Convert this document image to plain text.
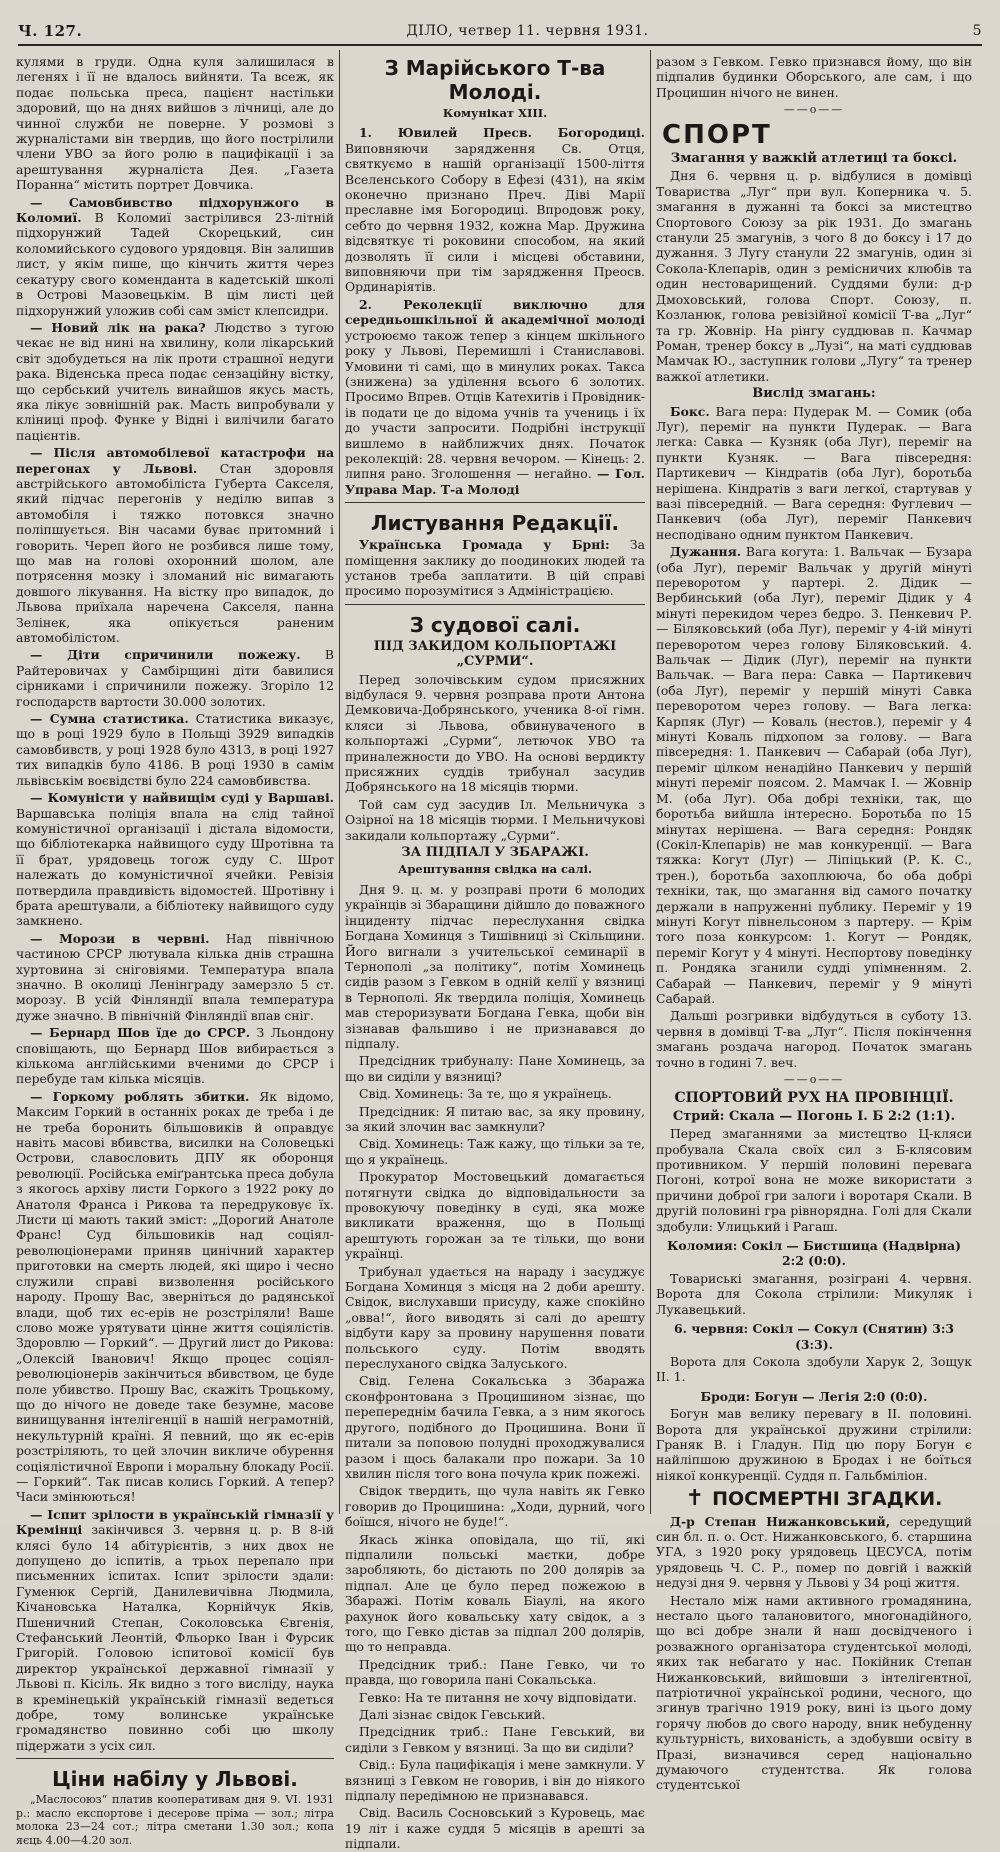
Ч. 127.	ДІЛО, четвер 11. червня 1931.	5

кулями в груди. Одна куля залишилася в легенях і її не вдалось вийняти. Та всеж, як подає польська преса, пацієнт настільки здоровий, що на днях вийшов з лічниці, але до чинної служби не поверне. У розмові з журналістами він твердив, що його пострілили члени УВО за його ролю в пацифікації і за арештування журналіста Дея. „Газета Поранна“ містить портрет Довчика.

— Самовбивство підхорунжого в Коломиї. В Коломиї застрілився 23-літній підхорунжий Тадей Скорецький, син коломийського судового урядовця. Він залишив лист, у якім пише, що кінчить життя через секатуру свого коменданта в кадетській школі в Острові Мазовецькім. В цім листі цей підхорунжий уложив собі сам зміст клепсидри.

— Новий лік на рака? Людство з тугою чекає не від нині на хвилину, коли лікарський світ здобудеться на лік проти страшної недуги рака. Віденська преса подає сензаційну вістку, що сербський учитель винайшов якусь масть, яка лікує зовнішній рак. Масть випробували у кліниці проф. Функе у Відні і вилічили багато пацієнтів.

— Після автомобілевої катастрофи на перегонах у Львові. Стан здоровля австрійського автомобіліста Губерта Сакселя, який підчас перегонів у неділю випав з автомобіля і тяжко потовкся значно поліпшується. Він часами буває притомний і говорить. Череп його не розбився лише тому, що мав на голові охоронний шолом, але потрясення мозку і зломаний ніс вимагають довшого лікування. На вістку про випадок, до Львова приїхала наречена Сакселя, панна Зелінек, яка опікується раненим автомобілістом.

— Діти спричинили пожежу. В Райтеровичах у Самбірщині діти бавилися сірниками і спричинили пожежу. Згоріло 12 господарств вартости 30.000 золотих.

— Сумна статистика. Статистика виказує, що в році 1929 було в Польщі 3929 випадків самовбивств, у році 1928 було 4313, в році 1927 тих випадків було 4186. В році 1930 в самім львівськім воєвідстві було 224 самовбивства.

— Комуністи у найвищім суді у Варшаві. Варшавська поліція впала на слід тайної комуністичної організації і дістала відомости, що бібліотекарка найвищого суду Шротівна та її брат, урядовець тогож суду С. Шрот належать до комуністичної ячейки. Ревізія потвердила правдивість відомостей. Шротівну і брата арештували, а бібліотеку найвищого суду замкнено.

— Морози в червні. Над північною частиною СРСР лютувала кілька днів страшна хуртовина зі сніговіями. Температура впала значно. В околиці Ленінграду замерзло 5 ст. морозу. В усій Фінляндії впала температура дуже значно. В північній Фінляндії впав сніг.

— Бернард Шов їде до СРСР. З Льондону сповіщають, що Бернард Шов вибирається з кількома англійськими вченими до СРСР і перебуде там кілька місяців.

— Горкому роблять збитки. Як відомо, Максим Горкий в останніх роках де треба і де не треба боронить більшовиків й оправдує навіть масові вбивства, висилки на Соловецькі Острови, славословить ДПУ як оборонця революції. Російська еміґрантська преса добула з якогось архіву листи Горкого з 1922 року до Анатоля Франса і Рикова та передруковує їх. Листи ці мають такий зміст: „Дорогий Анатоле Франс! Суд більшовиків над соціял-революціонерами приняв цинічний характер приготовки на смерть людей, які щиро і чесно служили справі визволення російського народу. Прошу Вас, зверніться до радянської влади, щоб тих ес-ерів не розстріляли! Ваше слово може урятувати цінне життя соціялістів. Здоровлю — Горкий“. — Другий лист до Рикова: „Олексій Іванович! Якщо процес соціял-революціонерів закінчиться вбивством, це буде поле убивство. Прошу Вас, скажіть Троцькому, що до нічого не доведе таке безумне, масове винищування інтелігенції в нашій неграмотній, некультурній країні. Я певний, що як ес-ерів розстріляють, то цей злочин викличе обурення соціялістичної Европи і моральну блокаду Росії. — Горкий“. Так писав колись Горкий. А тепер? Часи змінюються!

— Іспит зрілости в українській гімназії у Кремінці закінчився 3. червня ц. р. В 8-ій клясі було 14 абітурієнтів, з них двох не допущено до іспитів, а трьох перепало при письменних іспитах. Іспит зрілости здали: Гуменюк Сергій, Данилевичівна Людмила, Кічановська Наталка, Корнійчук Яків, Пшеничний Степан, Соколовська Євгенія, Стефанський Леонтій, Фльорко Іван і Фурсик Григорій. Головою іспитової комісії був директор української державної гімназії у Львові п. Кісіль. Як видно з того висліду, наука в кремінецькій українській гімназії ведеться добре, тому волинське українське громадянство повинно собі цю школу підержати з усіх сил.

Ціни набілу у Львові.

„Маслосоюз“ платив кооперативам дня 9. VI. 1931 р.: масло експортове і десерове пріма — зол.; літра молока 23—24 сот.; літра сметани 1.30 зол.; копа яєць 4.00—4.20 зол.

З Марійського Т-ва Молоді.
Комунікат XIII.

1. Ювилей Пресв. Богородиці. Виповняючи зарядження Св. Отця, святкуємо в нашій організації 1500-ліття Вселенського Собору в Ефезі (431), на якім оконечно признано Преч. Діві Марії преславне імя Богородиці. Впродовж року, себто до червня 1932, кожна Мар. Дружина відсвяткує ті роковини способом, на який дозволять її сили і місцеві обставини, виповняючи при тім зарядження Преосв. Ординаріятів.

2. Реколекції виключно для середньошкільної й академічної молоді устроюємо також тепер з кінцем шкільного року у Львові, Перемишлі і Станиславові. Умовини ті самі, що в минулих роках. Такса (знижена) за уділення всього 6 золотих. Просимо Впрев. Отців Катехитів і Провідник-ів подати це до відома учнів та учениць і їх до участи запросити. Подрібні інструкції вишлемо в найближчих днях. Початок реколекцій: 28. червня вечором. — Кінець: 2. липня рано. Зголошення — негайно. — Гол. Управа Мар. Т-а Молоді

Листування Редакції.

Українська Громада у Брні: За поміщення заклику до поодиноких людей та установ треба заплатити. В цій справі просимо порозумітися з Адміністрацією.

З судової салі.
ПІД ЗАКИДОМ КОЛЬПОРТАЖІ „СУРМИ“.

Перед золочівським судом присяжних відбулася 9. червня розправа проти Антона Демковича-Добрянського, ученика 8-ої гімн. кляси зі Львова, обвинуваченого в кольпортажі „Сурми“, летючок УВО та приналежности до УВО. На основі вердикту присяжних суддів трибунал засудив Добрянського на 18 місяців тюрми.

Той сам суд засудив Іл. Мельничука з Озірної на 18 місяців тюрми. І Мельничукові закидали кольпортажу „Сурми“.

ЗА ПІДПАЛ У ЗБАРАЖІ.
Арештування свідка на салі.

Дня 9. ц. м. у розправі проти 6 молодих українців зі Збаращини дійшло до поважного інциденту підчас переслухання свідка Богдана Хоминця з Тишівниці зі Скільщини. Його вигнали з учительської семинарії в Тернополі „за політику“, потім Хоминець сидів разом з Гевком в одній келії у вязниці в Тернополі. Як твердила поліція, Хоминець мав стероризувати Богдана Гевка, щоби він зізнавав фальшиво і не признавався до підпалу.

Предсідник трибуналу: Пане Хоминець, за що ви сиділи у вязниці?

Свід. Хоминець: За те, що я українець.

Предсідник: Я питаю вас, за яку провину, за який злочин вас замкнули?

Свід. Хоминець: Таж кажу, що тільки за те, що я українець.

Прокуратор Мостовецький домагається потягнути свідка до відповідальности за провокуючу поведінку в суді, яка може викликати враження, що в Польщі арештують горожан за те тільки, що вони українці.

Трибунал удається на нараду і засуджує Богдана Хоминця з місця на 2 доби арешту. Свідок, вислухавши присуду, каже спокійно „овва!“, його виводять зі салі до арешту відбути кару за провину нарушення повати польського суду. Потім вводять переслуханого свідка Залуського.

Свід. Гелена Сокальська з Збаража сконфронтована з Процишином зізнає, що перепереднім бачила Гевка, а з ним якогось другого, подібного до Процишина. Вони її питали за поповою полудні проходжувалися разом і щось балакали про пожари. За 10 хвилин після того вона почула крик пожежі.

Свідок твердить, що чула навіть як Гевко говорив до Процишина: „Ходи, дурний, чого боїшся, нічого не буде!“.

Якась жінка оповідала, що тії, які підпалили польські маєтки, добре заробляють, бо дістають по 200 долярів за підпал. Але це було перед пожежою в Збаражі. Потім коваль Біаулі, на якого рахунок його ковальську хату свідок, а з того, що Гевко дістав за підпал 200 долярів, що то неправда.

Предсідник триб.: Пане Гевко, чи то правда, що говорила пані Сокальська.

Гевко: На те питання не хочу відповідати.

Далі зізнає свідок Гевський.

Предсідник триб.: Пане Гевський, ви сиділи з Гевком у вязниці. За що ви сиділи?

Свід.: Була пацифікація і мене замкнули. У вязниці з Гевком не говорив, і він до ніякого підпалу передімною не признавався.

Свід. Василь Сосновський з Куровець, має 19 літ і каже суддя 5 місяців в арешті за підпали.

разом з Гевком. Гевко признався йому, що він підпалив будинки Оборського, але сам, і що Процишин нічого не винен.

——o——
СПОРТ
Змагання у важкій атлетиці та боксі.

Дня 6. червня ц. р. відбулися в домівці Товариства „Луг“ при вул. Коперника ч. 5. змагання в дужанні та боксі за мистецтво Спортового Союзу за рік 1931. До змагань станули 25 змагунів, з чого 8 до боксу і 17 до дужання. З Лугу станули 22 змагунів, один зі Сокола-Клепарів, один з ремісничих клюбів та один нестоварищений. Суддями були: д-р Дмоховський, голова Спорт. Союзу, п. Козланюк, голова ревізійної комісії Т-ва „Луг“ та гр. Жовнір. На рінгу суддював п. Качмар Роман, тренер боксу в „Лузі“, на маті суддював Мамчак Ю., заступник голови „Лугу“ та тренер важкої атлетики.

Вислід змагань:

Бокс. Вага пера: Пудерак М. — Сомик (оба Луг), переміг на пункти Пудерак. — Вага легка: Савка — Кузняк (оба Луг), переміг на пункти Кузняк. — Вага півсередня: Партикевич — Кіндратів (оба Луг), боротьба нерішена. Кіндратів з ваги легкої, стартував у вазі півсередній. — Вага середня: Фуглевич — Панкевич (оба Луг), переміг Панкевич несподівано одним пунктом Панкевич.

Дужання. Вага когута: 1. Вальчак — Бузара (оба Луг), переміг Вальчак у другій мінуті переворотом у партері. 2. Дідик — Вербинський (оба Луг), переміг Дідик у 4 мінуті перекидом через бедро. 3. Пенкевич Р. — Біляковський (оба Луг), переміг у 4-ій мінуті переворотом через голову Біляковський. 4. Вальчак — Дідик (Луг), переміг на пункти Вальчак. — Вага пера: Савка — Партикевич (оба Луг), переміг у першій мінуті Савка переворотом через голову. — Вага легка: Карпяк (Луг) — Коваль (нестов.), переміг у 4 мінуті Коваль підхопом за голову. — Вага півсередня: 1. Панкевич — Сабарай (оба Луг), переміг цілком ненадійно Панкевич у першій мінуті переміг поясом. 2. Мамчак І. — Жовнір М. (оба Луг). Оба добрі техніки, так, що боротьба вийшла інтересно. Боротьба по 15 мінутах нерішена. — Вага середня: Рондяк (Сокіл-Клепарів) не мав конкуренції. — Вага тяжка: Когут (Луг) — Ліпіцький (Р. К. С., трен.), боротьба захоплююча, бо оба добрі техніки, так, що змагання від самого початку держали в напруженні публику. Переміг у 19 мінуті Когут півнельсоном з партеру. — Крім того поза конкурсом: 1. Когут — Рондяк, переміг Когут у 4 мінуті. Неспортову поведінку п. Рондяка зганили судді упімненням. 2. Сабарай — Панкевич, переміг у 9 мінуті Сабарай.

Дальші розгривки відбудуться в суботу 13. червня в домівці Т-ва „Луг“. Після покінчення змагань роздача нагород. Початок змагань точно в годині 7. веч.

——o——
СПОРТОВИЙ РУХ НА ПРОВІНЦІЇ.
Стрий: Скала — Погонь І. Б 2:2 (1:1).

Перед змаганнями за мистецтво Ц-кляси пробувала Скала своїх сил з Б-клясовим противником. У першій половині перевага Погоні, котрої вона не може використати з причини доброї гри залоги і воротаря Скали. В другій половині гра рівнорядна. Голі для Скали здобули: Улицький і Рагаш.

Коломия: Сокіл — Бистшица (Надвірна) 2:2 (0:0).

Товариські змагання, розіграні 4. червня. Ворота для Сокола стрілили: Микуляк і Лукавецький.

6. червня: Сокіл — Сокул (Снятин) 3:3 (3:3).

Ворота для Сокола здобули Харук 2, Зощук ІІ. 1.

Броди: Богун — Легія 2:0 (0:0).

Богун мав велику перевагу в ІІ. половині. Ворота для української дружини стрілили: Граняк В. і Гладун. Під цю пору Богун є найліпшою дружиною в Бродах і не боїться ніякої конкуренції. Суддя п. Гальбміліон.

✝ ПОСМЕРТНІ ЗГАДКИ.

Д-р Степан Нижанковський, середущий син бл. п. о. Ост. Нижанковського, б. старшина УГА, з 1920 року урядовець ЦЕСУСА, потім урядовець Ч. С. Р., помер по довгій і важкій недузі дня 9. червня у Львові у 34 році життя.

Нестало між нами активного громадянина, нестало цього талановитого, многонадійного, що всі добре знали й наш досвідченого і розважного організатора студентської молоді, яких так небагато у нас. Покійник Степан Нижанковський, вийшовши з інтелігентної, патріотичної української родини, чесного, що згинув трагічно 1919 року, вині із цього дому горячу любов до свого народу, вник небуденну культурність, вихованість, а здобувши освіту в Празі, визначився серед національно думаючого студентства. Як голова студентської
